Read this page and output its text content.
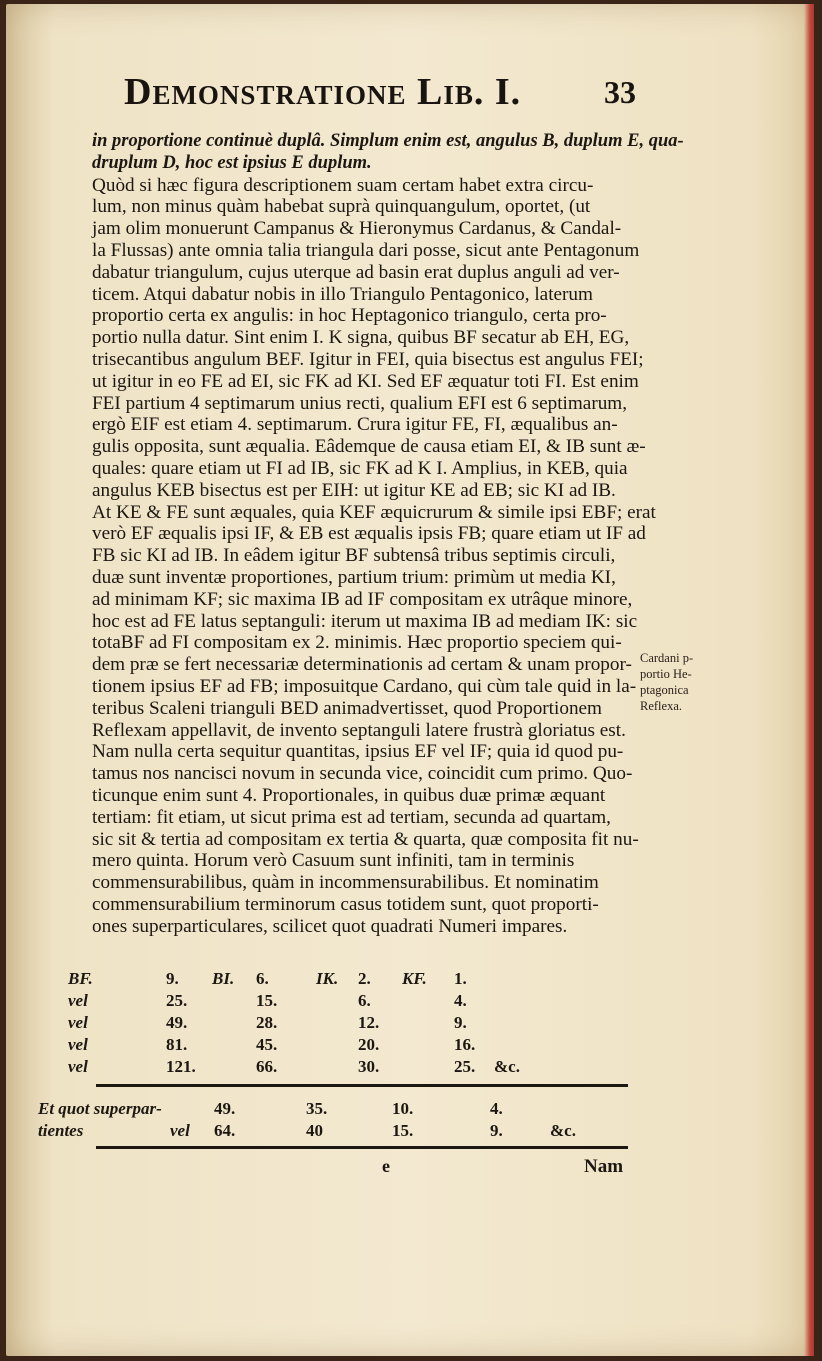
Demonstratione Lib. I.	33
in proportione continuè duplâ. Simplum enim est, angulus B, duplum E, qua-
druplum D, hoc est ipsius E duplum.
Quòd si hæc figura descriptionem suam certam habet extra circu-
lum, non minus quàm habebat suprà quinquangulum, oportet, (ut
jam olim monuerunt Campanus & Hieronymus Cardanus, & Candal-
la Flussas) ante omnia talia triangula dari posse, sicut ante Pentagonum
dabatur triangulum, cujus uterque ad basin erat duplus anguli ad ver-
ticem. Atqui dabatur nobis in illo Triangulo Pentagonico, laterum
proportio certa ex angulis: in hoc Heptagonico triangulo, certa pro-
portio nulla datur. Sint enim I. K signa, quibus BF secatur ab EH, EG,
trisecantibus angulum BEF. Igitur in FEI, quia bisectus est angulus FEI;
ut igitur in eo FE ad EI, sic FK ad KI. Sed EF æquatur toti FI. Est enim
FEI partium 4 septimarum unius recti, qualium EFI est 6 septimarum,
ergò EIF est etiam 4. septimarum. Crura igitur FE, FI, æqualibus an-
gulis opposita, sunt æqualia. Eâdemque de causa etiam EI, & IB sunt æ-
quales: quare etiam ut FI ad IB, sic FK ad K I. Amplius, in KEB, quia
angulus KEB bisectus est per EIH: ut igitur KE ad EB; sic KI ad IB.
At KE & FE sunt æquales, quia KEF æquicrurum & simile ipsi EBF; erat
verò EF æqualis ipsi IF, & EB est æqualis ipsis FB; quare etiam ut IF ad
FB sic KI ad IB. In eâdem igitur BF subtensâ tribus septimis circuli,
duæ sunt inventæ proportiones, partium trium: primùm ut media KI,
ad minimam KF; sic maxima IB ad IF compositam ex utrâque minore,
hoc est ad FE latus septanguli: iterum ut maxima IB ad mediam IK: sic
totaBF ad FI compositam ex 2. minimis. Hæc proportio speciem qui-
dem præ se fert necessariæ determinationis ad certam & unam propor-
tionem ipsius EF ad FB; imposuitque Cardano, qui cùm tale quid in la-
teribus Scaleni trianguli BED animadvertisset, quod Proportionem
Reflexam appellavit, de invento septanguli latere frustrà gloriatus est.
Nam nulla certa sequitur quantitas, ipsius EF vel IF; quia id quod pu-
tamus nos nancisci novum in secunda vice, coincidit cum primo. Quo-
ticunque enim sunt 4. Proportionales, in quibus duæ primæ æquant
tertiam: fit etiam, ut sicut prima est ad tertiam, secunda ad quartam,
sic sit & tertia ad compositam ex tertia & quarta, quæ composita fit nu-
mero quinta. Horum verò Casuum sunt infiniti, tam in terminis
commensurabilibus, quàm in incommensurabilibus. Et nominatim
commensurabilium terminorum casus totidem sunt, quot proporti-
ones superparticulares, scilicet quot quadrati Numeri impares.
Cardani p-
portio He-
ptagonica
Reflexa.
BF.	9.	BI.	6.	IK.	2.	KF.	1.		
vel	25.		15.		6.		4.		
vel	49.		28.		12.		9.		
vel	81.		45.		20.		16.		
vel	121.		66.		30.		25.	&c.	
Et quot superpar-		49.	35.	10.	4.	
tientes	vel	64.	40	15.	9.	&c.
e	Nam
